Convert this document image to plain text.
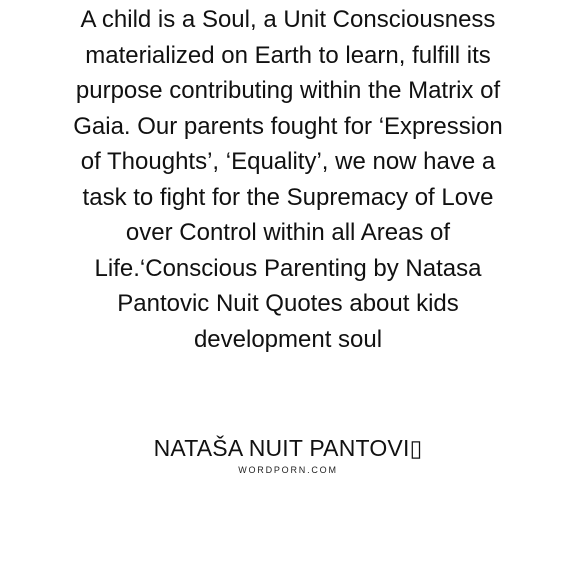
A child is a Soul, a Unit Consciousness
materialized on Earth to learn, fulfill its
purpose contributing within the Matrix of
Gaia. Our parents fought for ‘Expression
of Thoughts’, ‘Equality’, we now have a
task to fight for the Supremacy of Love
over Control within all Areas of
Life.‘Conscious Parenting by Natasa
Pantovic Nuit Quotes about kids
development soul

NATAŠA NUIT PANTOVI▯

WORDPORN.COM
